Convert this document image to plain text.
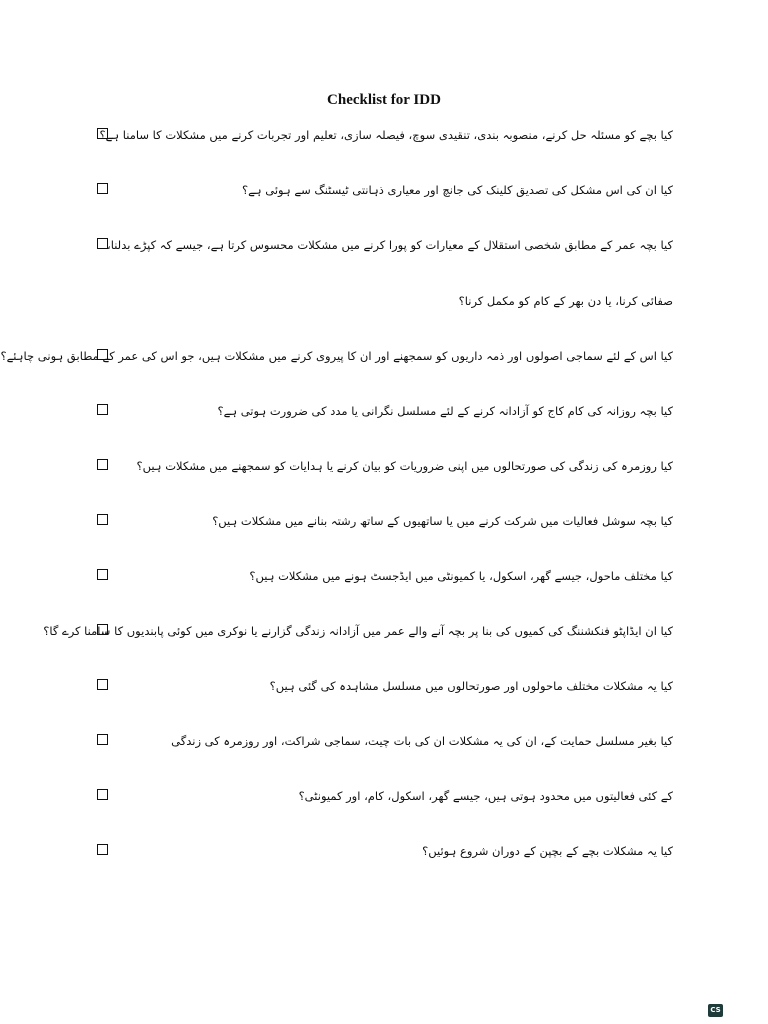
Checklist for IDD
کیا بچے کو مسئلہ حل کرنے، منصوبہ بندی، تنقیدی سوچ، فیصلہ سازی، تعلیم اور تجربات کرنے میں مشکلات کا سامنا ہے؟
کیا ان کی اس مشکل کی تصدیق کلینک کی جانچ اور معیاری ذہانتی ٹیسٹنگ سے ہوئی ہے؟
کیا بچہ عمر کے مطابق شخصی استقلال کے معیارات کو پورا کرنے میں مشکلات محسوس کرتا ہے، جیسے کہ کپڑے بدلنا،
صفائی کرنا، یا دن بھر کے کام کو مکمل کرنا؟
کیا اس کے لئے سماجی اصولوں اور ذمہ داریوں کو سمجھنے اور ان کا پیروی کرنے میں مشکلات ہیں، جو اس کی عمر کے مطابق ہونی چاہئے؟
کیا بچہ روزانہ کی کام کاج کو آزادانہ کرنے کے لئے مسلسل نگرانی یا مدد کی ضرورت ہوتی ہے؟
کیا روزمرہ کی زندگی کی صورتحالوں میں اپنی ضروریات کو بیان کرنے یا ہدایات کو سمجھنے میں مشکلات ہیں؟
کیا بچہ سوشل فعالیات میں شرکت کرنے میں یا ساتھیوں کے ساتھ رشتہ بنانے میں مشکلات ہیں؟
کیا مختلف ماحول، جیسے گھر، اسکول، یا کمیونٹی میں ایڈجسٹ ہونے میں مشکلات ہیں؟
کیا ان ایڈاپٹو فنکشننگ کی کمیوں کی بنا پر بچہ آنے والے عمر میں آزادانہ زندگی گزارنے یا نوکری میں کوئی پابندیوں کا سامنا کرے گا؟
کیا یہ مشکلات مختلف ماحولوں اور صورتحالوں میں مسلسل مشاہدہ کی گئی ہیں؟
کیا بغیر مسلسل حمایت کے، ان کی یہ مشکلات ان کی بات چیت، سماجی شراکت، اور روزمرہ کی زندگی
کے کئی فعالیتوں میں محدود ہوتی ہیں، جیسے گھر، اسکول، کام، اور کمیونٹی؟
کیا یہ مشکلات بچے کے بچپن کے دوران شروع ہوئیں؟
CS
